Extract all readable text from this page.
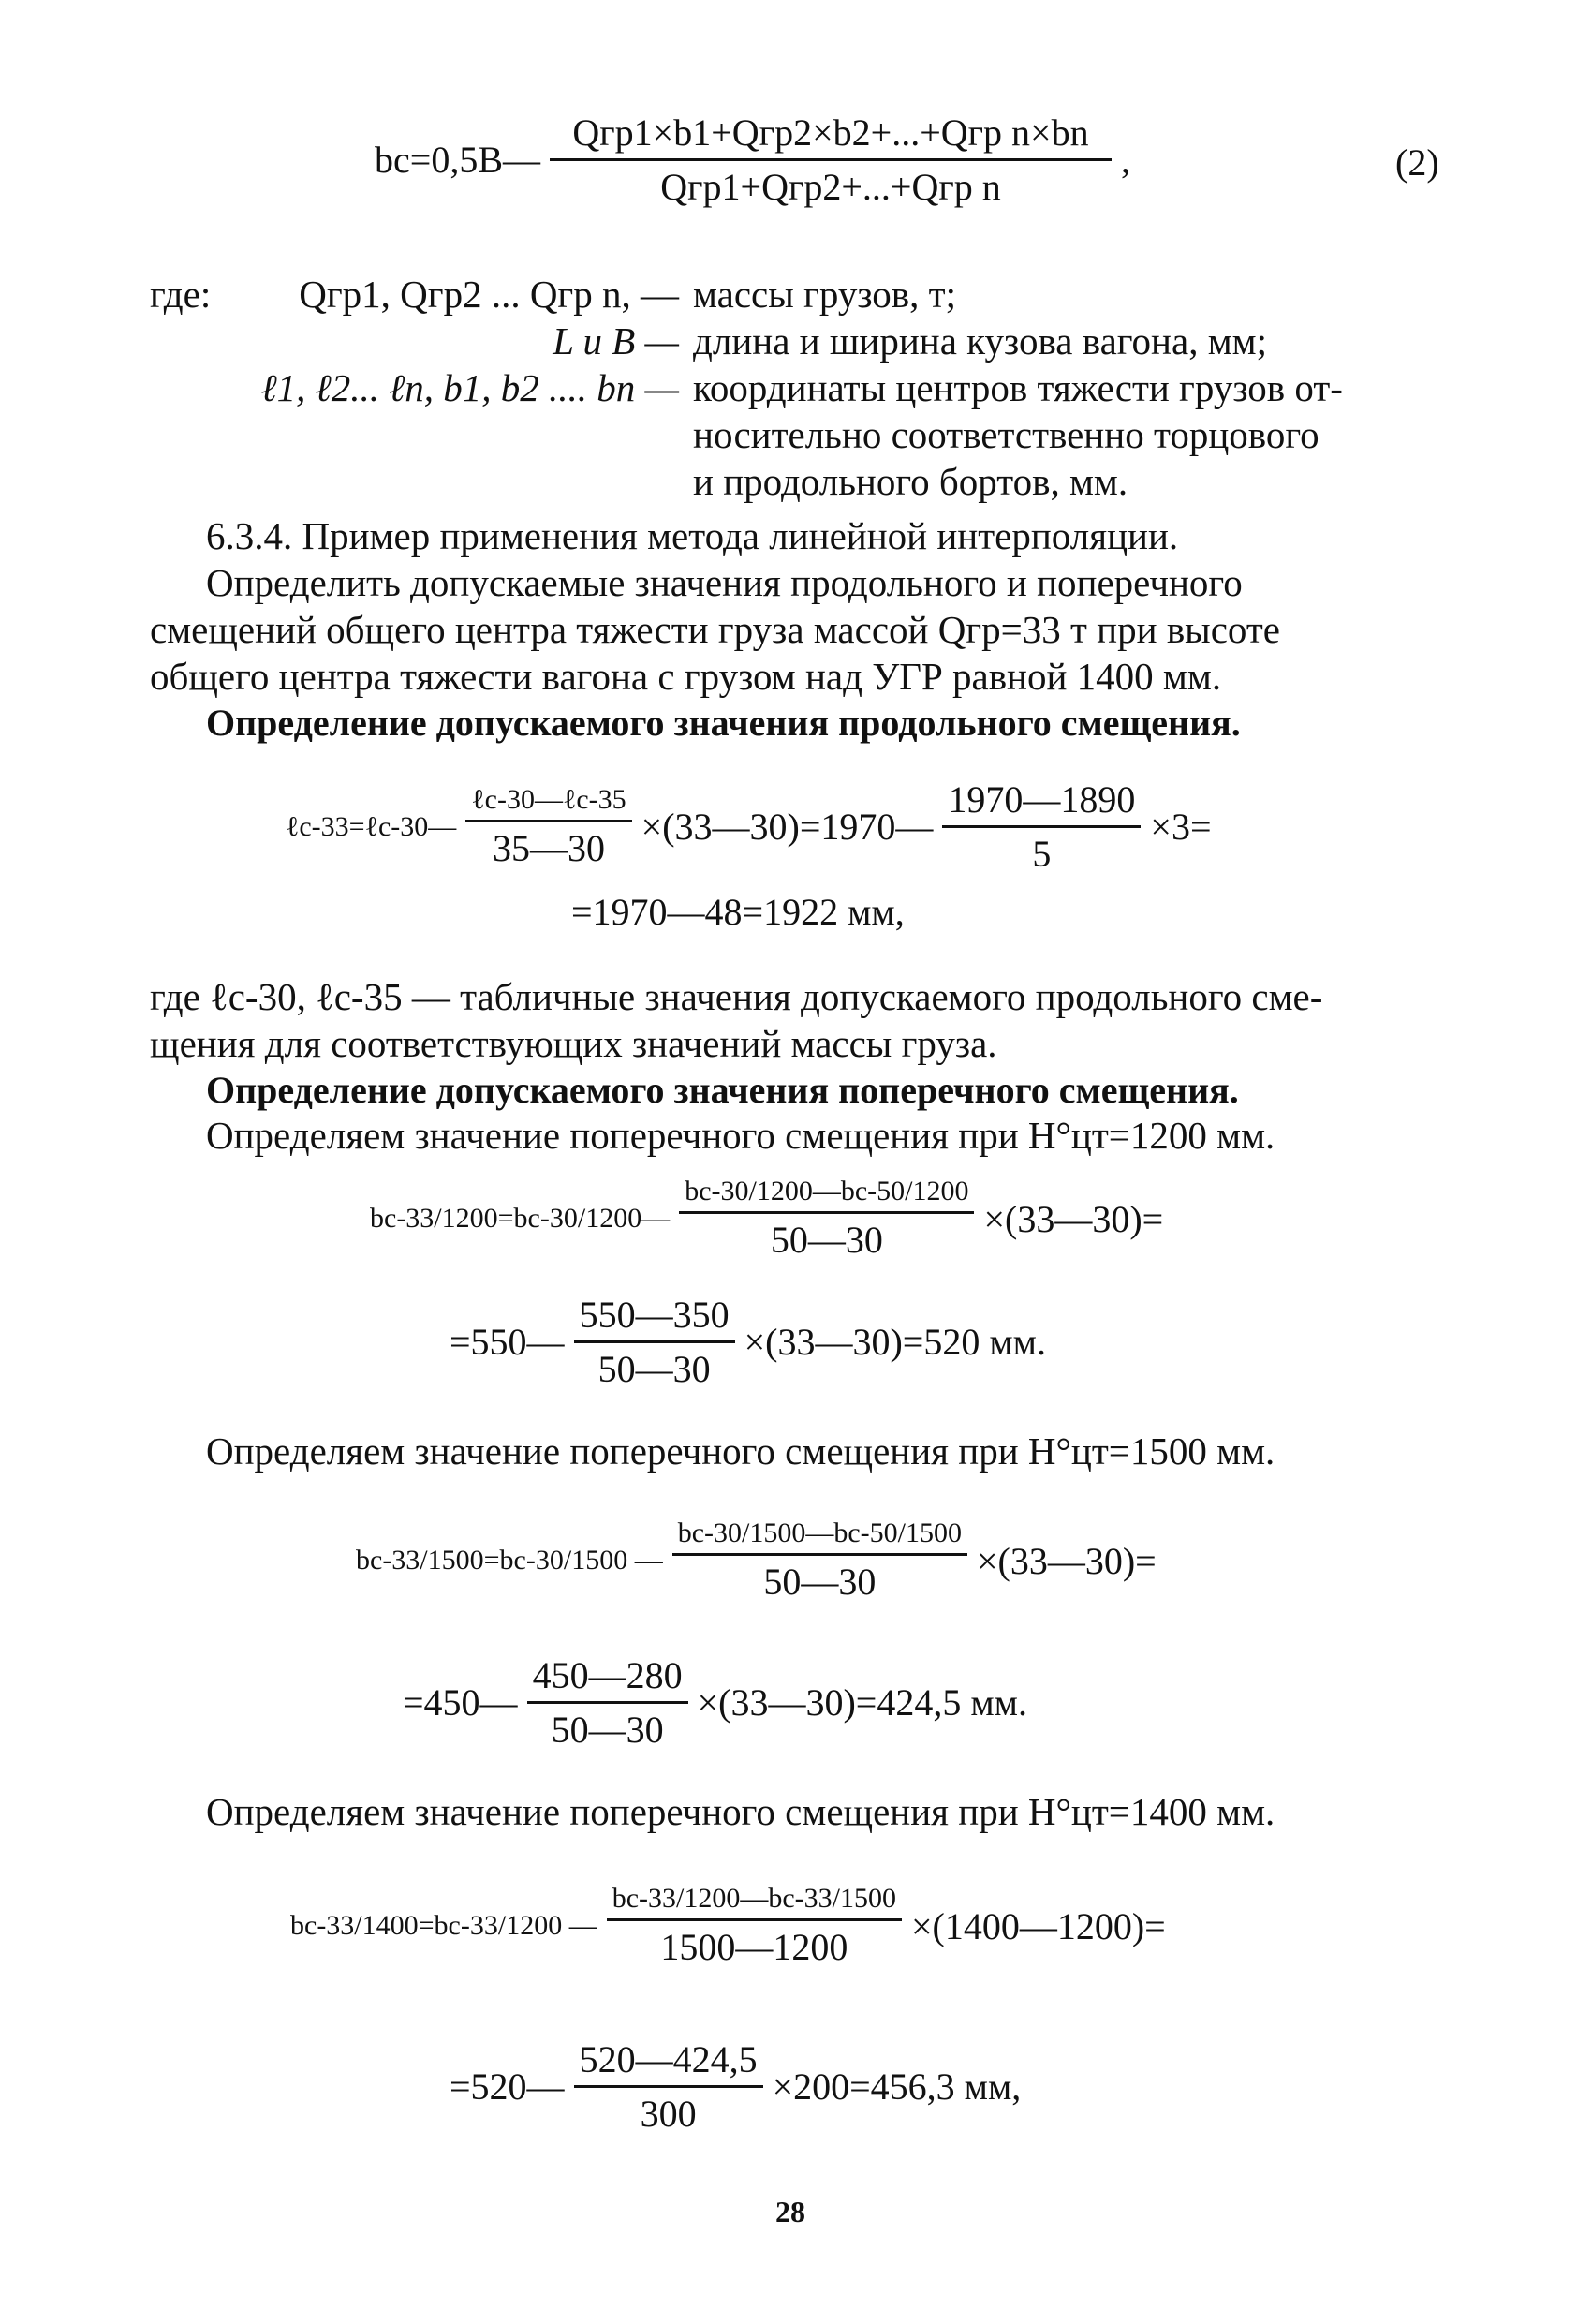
bc=0,5B— $\frac{\text{Qгр1×b1+Qгр2×b2+...+Qгр n×bn}}{\text{Qгр1+Qгр2+...+Qгр n}}$ ,	(2)
где:	Qгр1, Qгр2 ... Qгр n, — массы грузов, т;
L и B — длина и ширина кузова вагона, мм;
ℓ1, ℓ2... ℓn, b1, b2 .... bn — координаты центров тяжести грузов от-
носительно соответственно торцового
и продольного бортов, мм.
6.3.4. Пример применения метода линейной интерполяции.
Определить допускаемые значения продольного и поперечного
смещений общего центра тяжести груза массой Qгр=33 т при высоте
общего центра тяжести вагона с грузом над УГР равной 1400 мм.
Определение допускаемого значения продольного смещения.
ℓc-33=ℓc-30— $\frac{\text{ℓc-30—ℓc-35}}{35—30}$ ×(33—30)=1970— $\frac{1970—1890}{5} \times 3=$
=1970—48=1922 мм,
где ℓc-30, ℓc-35 — табличные значения допускаемого продольного сме-
щения для соответствующих значений массы груза.
Определение допускаемого значения поперечного смещения.
Определяем значение поперечного смещения при H°цт=1200 мм.
bc-33/1200=bc-30/1200— $\frac{bc-30/1200—bc-50/1200}{50—30}$ ×(33—30)=
=550— $\frac{550—350}{50—30}$ ×(33—30)=520 мм.
Определяем значение поперечного смещения при H°цт=1500 мм.
bc-33/1500=bc-30/1500 — $\frac{bc-30/1500—bc-50/1500}{50—30}$ ×(33—30)=
=450— $\frac{450—280}{50—30}$ ×(33—30)=424,5 мм.
Определяем значение поперечного смещения при H°цт=1400 мм.
bc-33/1400=bc-33/1200 — $\frac{bc-33/1200—bc-33/1500}{1500—1200}$ ×(1400—1200)=
=520— $\frac{520—424,5}{300} \times 200=456,3$ мм,
28
